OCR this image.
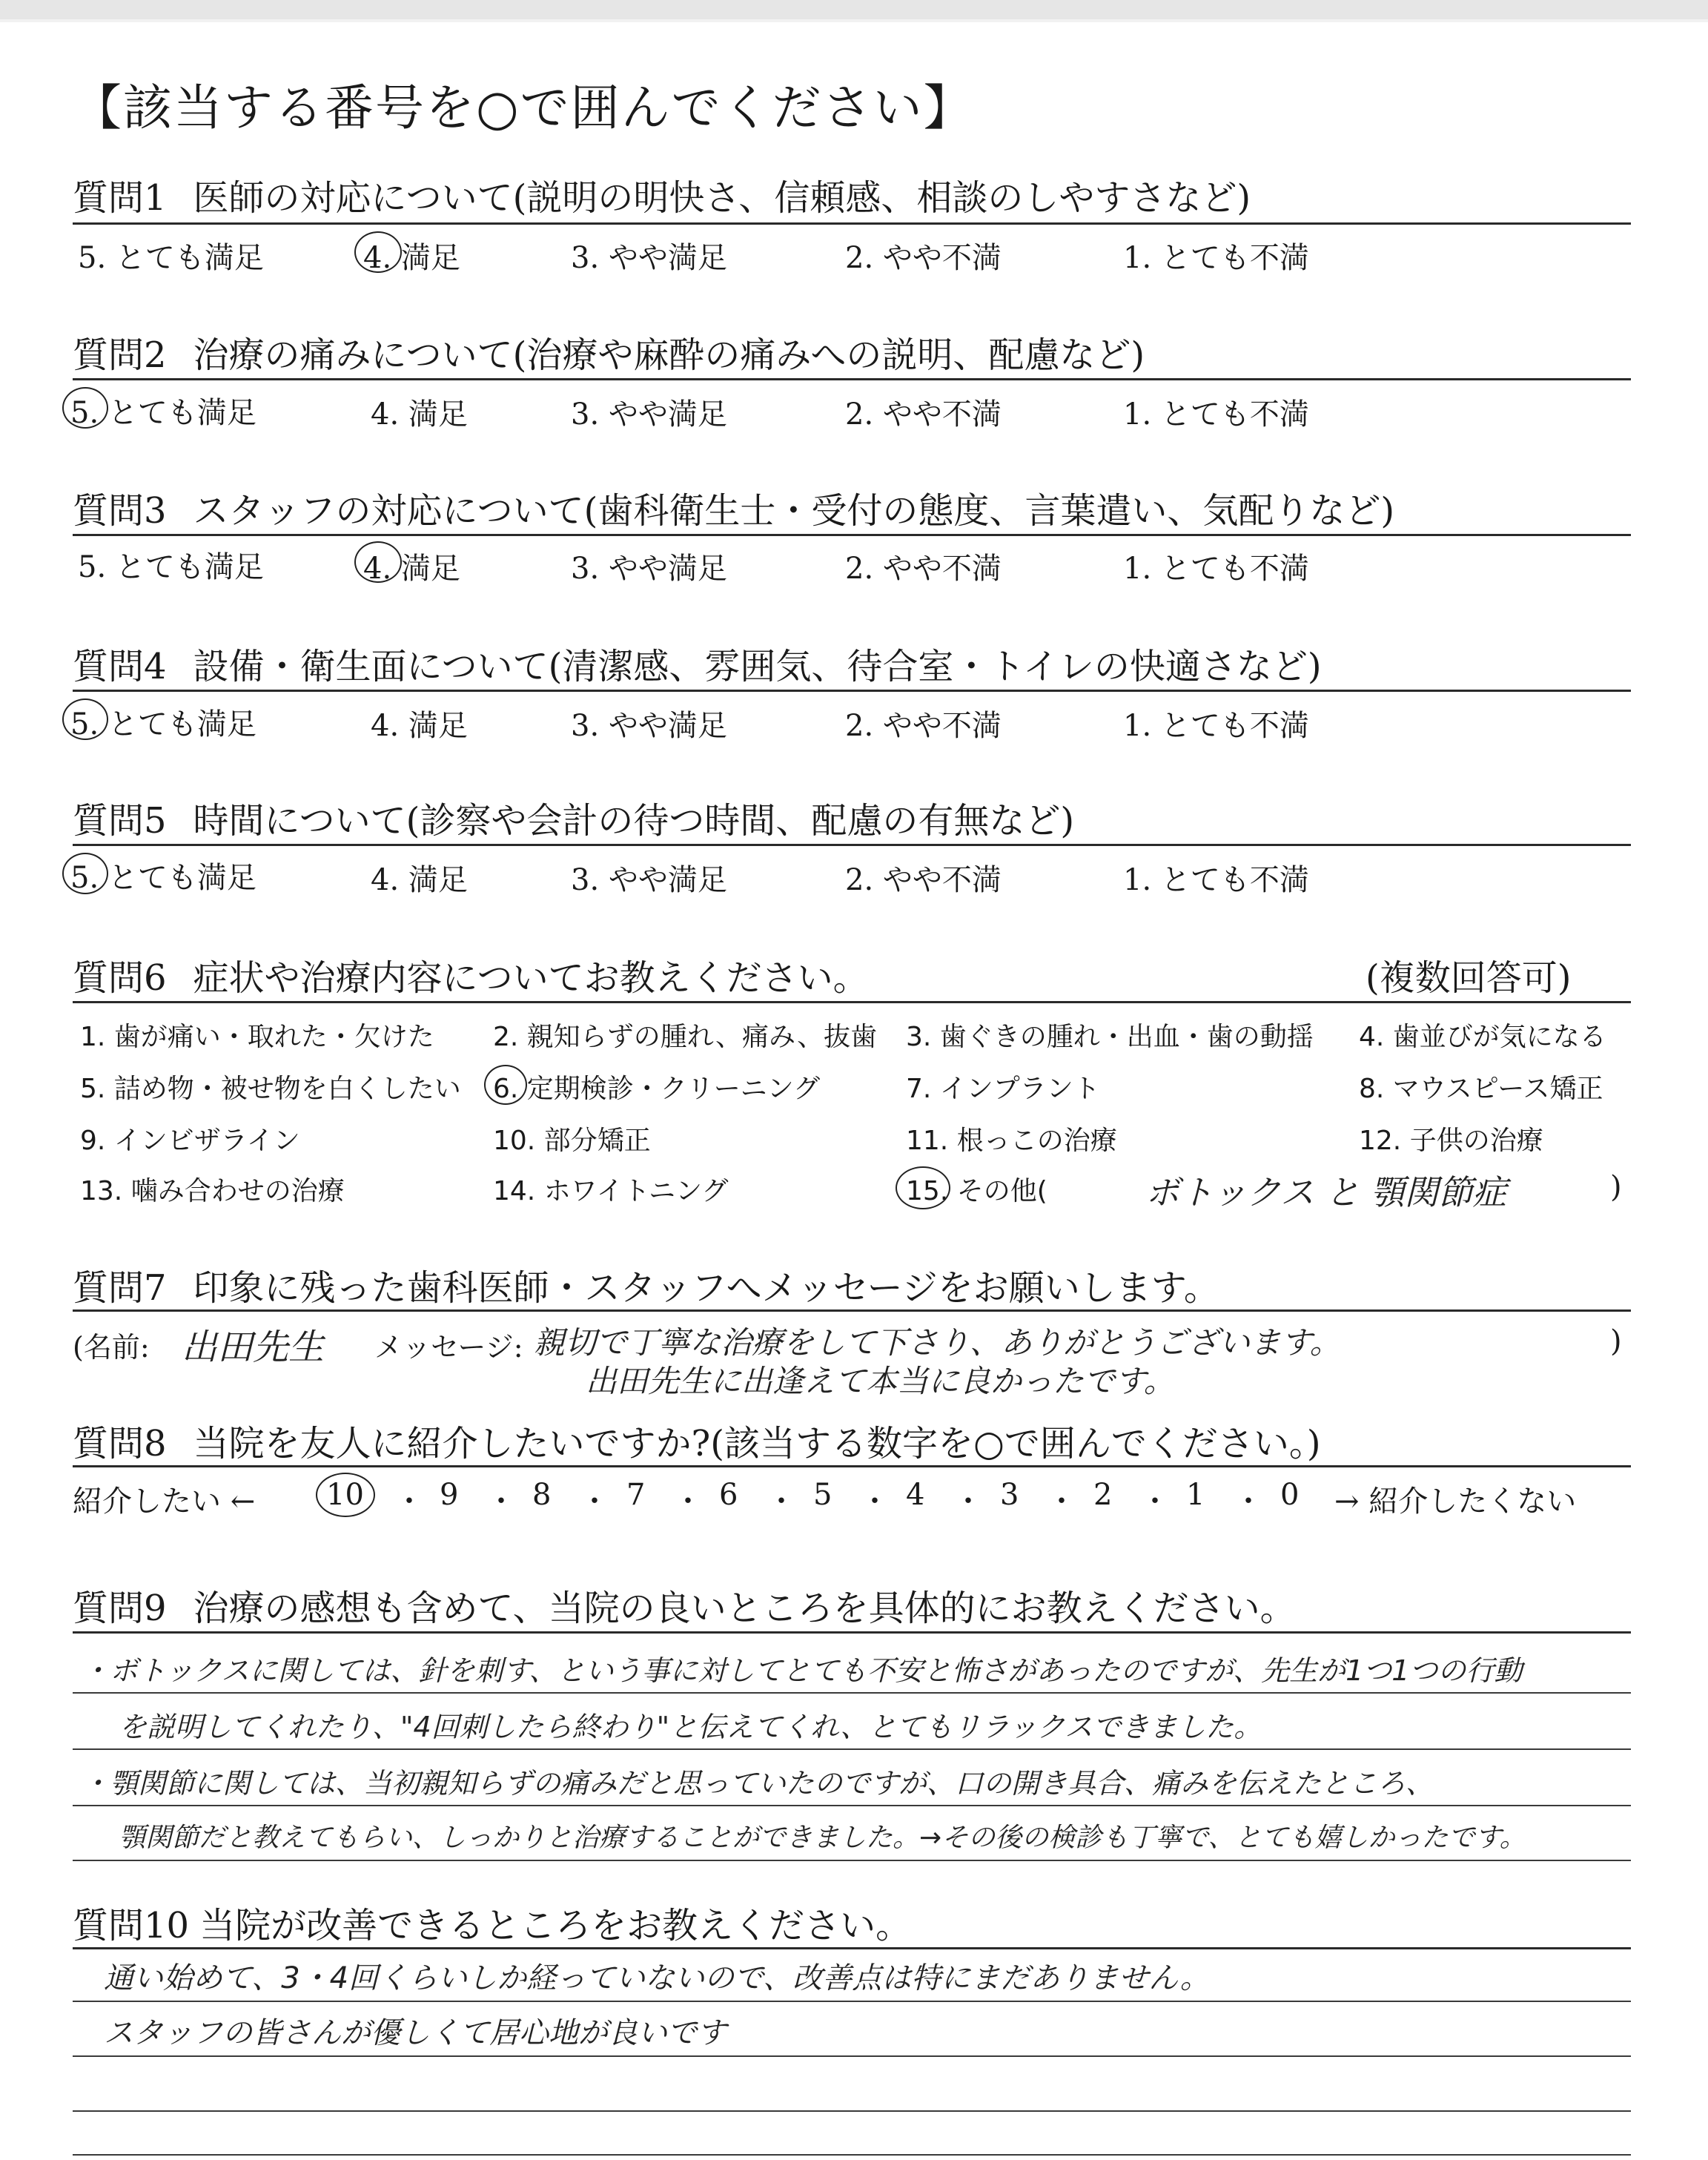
【該当する番号を○で囲んでください】
質問1 医師の対応について(説明の明快さ、信頼感、相談のしやすさなど)
5. とても満足	4. 満足	3. やや満足	2. やや不満	1. とても不満
質問2 治療の痛みについて(治療や麻酔の痛みへの説明、配慮など)
5. とても満足	4. 満足	3. やや満足	2. やや不満	1. とても不満
質問3 スタッフの対応について(歯科衛生士・受付の態度、言葉遣い、気配りなど)
5. とても満足	4. 満足	3. やや満足	2. やや不満	1. とても不満
質問4 設備・衛生面について(清潔感、雰囲気、待合室・トイレの快適さなど)
5. とても満足	4. 満足	3. やや満足	2. やや不満	1. とても不満
質問5 時間について(診察や会計の待つ時間、配慮の有無など)
5. とても満足	4. 満足	3. やや満足	2. やや不満	1. とても不満
質問6 症状や治療内容についてお教えください。	(複数回答可)
1. 歯が痛い・取れた・欠けた 2. 親知らずの腫れ、痛み、抜歯 3. 歯ぐきの腫れ・出血・歯の動揺 4. 歯並びが気になる
5. 詰め物・被せ物を白くしたい 6. 定期検診・クリーニング	7. インプラント	8. マウスピース矯正
9. インビザライン	10. 部分矯正	11. 根っこの治療	12. 子供の治療
13. 噛み合わせの治療	14. ホワイトニング	15. その他(	ボトックス と 顎関節症	)
質問7 印象に残った歯科医師・スタッフへメッセージをお願いします。
(名前: 出田先生 メッセージ: 親切で丁寧な治療をして下さり、ありがとうございます。
出田先生に出逢えて本当に良かったです。
)
質問8 当院を友人に紹介したいですか?(該当する数字を○で囲んでください。)
紹介したい ← 10 ・ 9 ・ 8 ・ 7 ・ 6 ・ 5 ・ 4 ・ 3 ・ 2 ・ 1 ・ 0 → 紹介したくない
質問9 治療の感想も含めて、当院の良いところを具体的にお教えください。
・ボトックスに関しては、針を刺す、という事に対してとても不安と怖さがあったのですが、先生が1つ1つの行動
を説明してくれたり、"4回刺したら終わり"と伝えてくれ、とてもリラックスできました。
・顎関節に関しては、当初親知らずの痛みだと思っていたのですが、口の開き具合、痛みを伝えたところ、
顎関節だと教えてもらい、しっかりと治療することができました。→その後の検診も丁寧で、とても嬉しかったです。
質問10 当院が改善できるところをお教えください。
通い始めて、3・4回くらいしか経っていないので、改善点は特にまだありません。
スタッフの皆さんが優しくて居心地が良いです
